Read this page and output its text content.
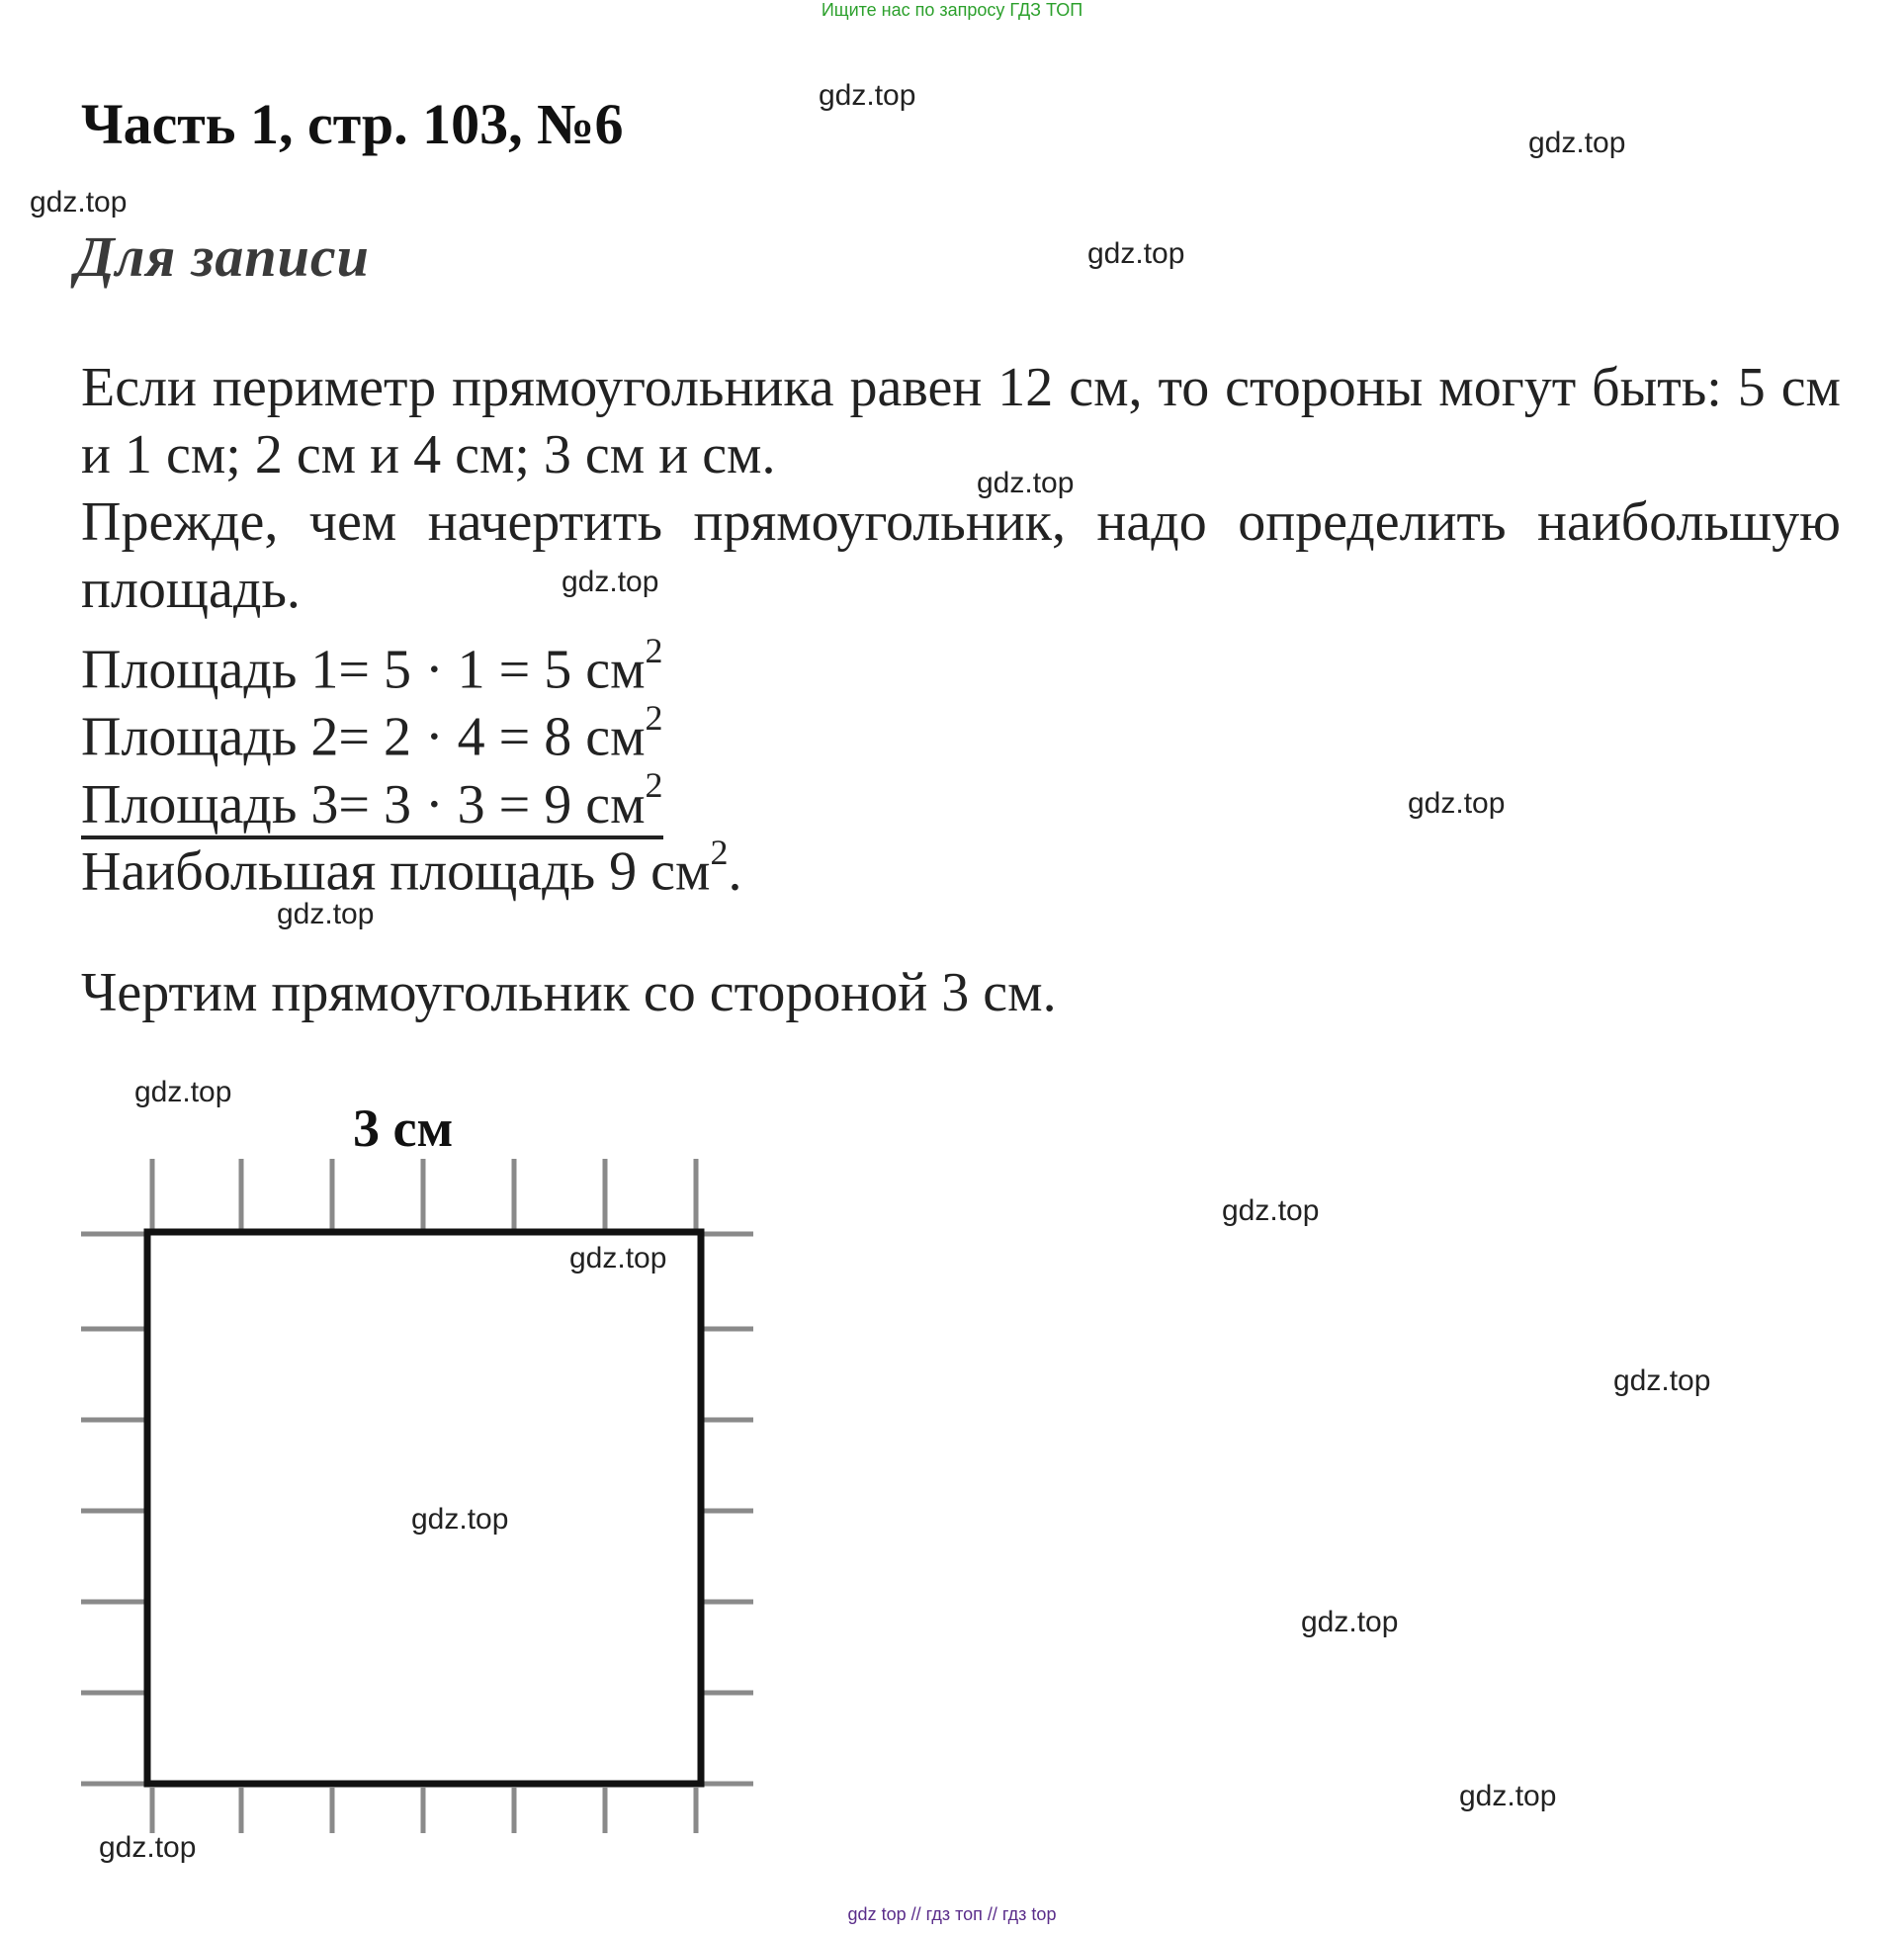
Ищите нас по запросу ГДЗ ТОП
Часть 1, стр. 103, №6
Для записи
Если периметр прямоугольника равен 12 см, то стороны могут быть: 5 см и 1 см; 2 см и 4 см; 3 см и см.
Прежде, чем начертить прямоугольник, надо определить наибольшую площадь.
Площадь 1= 5 · 1 = 5 $см^2$
Площадь 2= 2 · 4 = 8 $см^2$
Площадь 3= 3 · 3 = 9 $см^2$
Наибольшая площадь 9 $см^2$.
Чертим прямоугольник со стороной 3 см.
3 см
gdz.top
gdz.top
gdz.top
gdz.top
gdz.top
gdz.top
gdz.top
gdz.top
gdz.top
gdz.top
gdz.top
gdz.top
gdz.top
gdz.top
gdz.top
gdz.top
gdz top // гдз топ // гдз top
